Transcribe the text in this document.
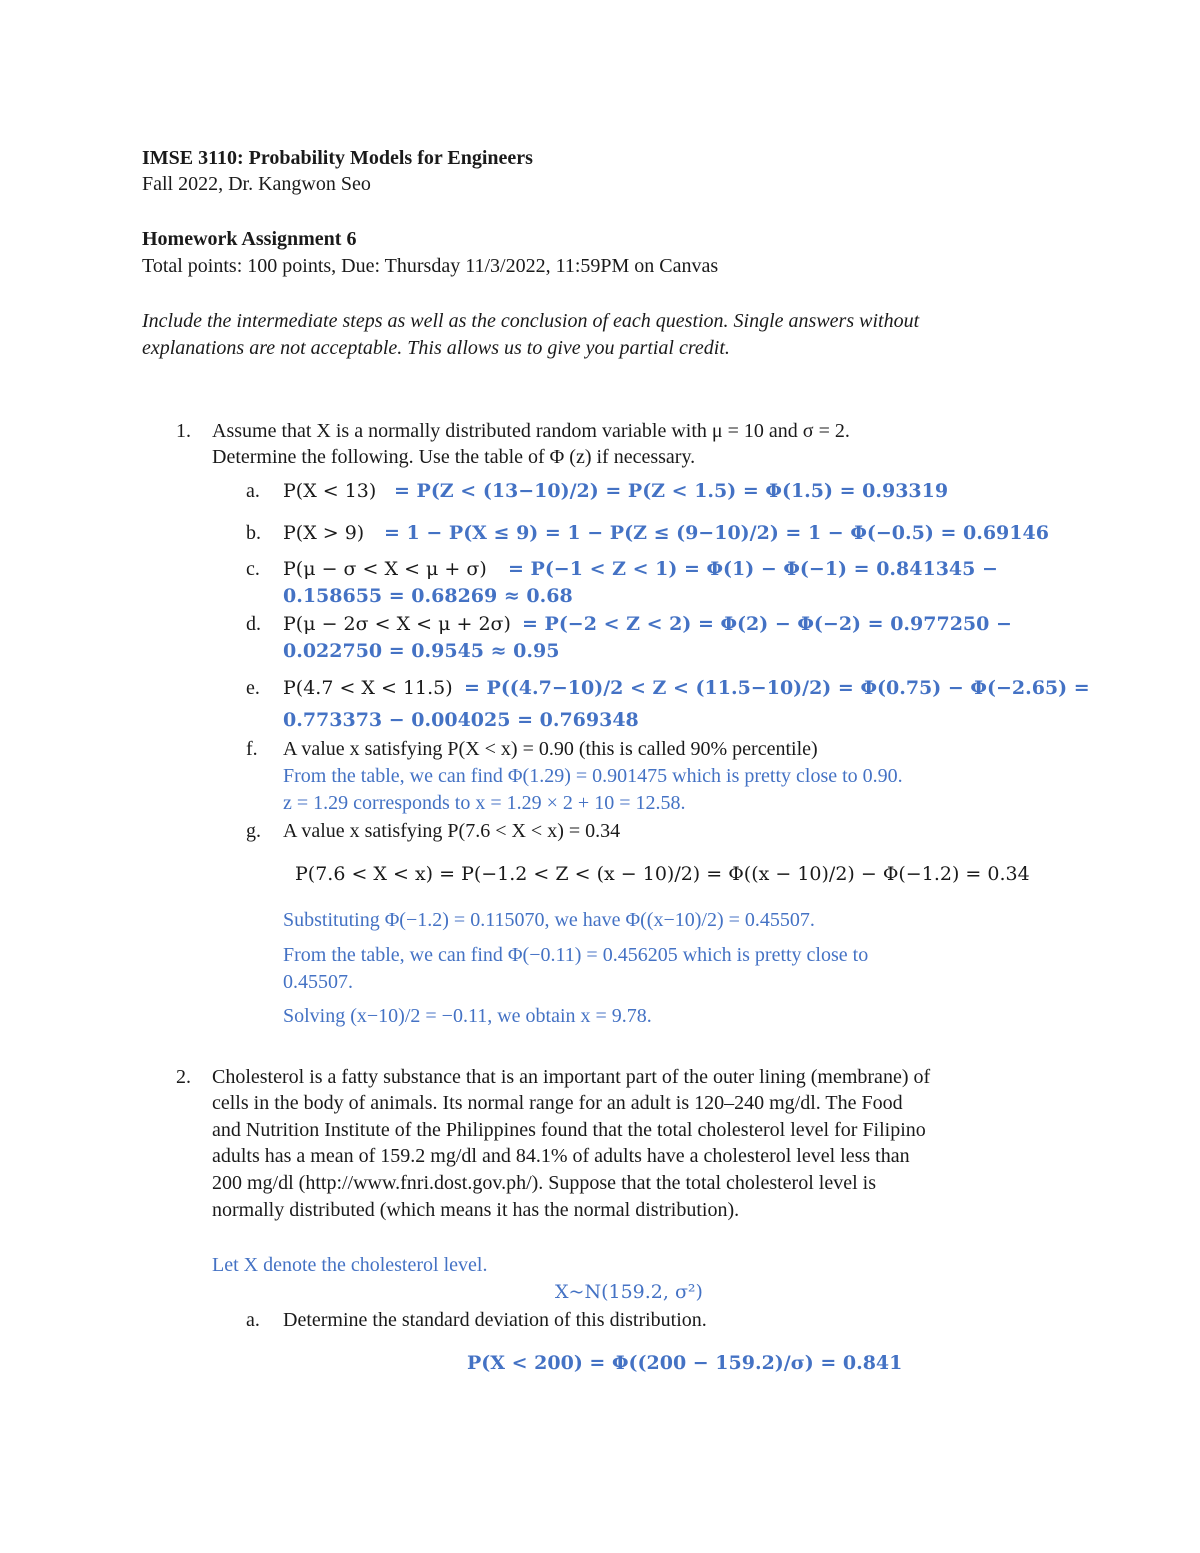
IMSE 3110: Probability Models for Engineers
Fall 2022, Dr. Kangwon Seo
Homework Assignment 6
Total points: 100 points, Due: Thursday 11/3/2022, 11:59PM on Canvas
Include the intermediate steps as well as the conclusion of each question. Single answers without
explanations are not acceptable. This allows us to give you partial credit.
1. Assume that X is a normally distributed random variable with μ = 10 and σ = 2.
Determine the following. Use the table of Φ (z) if necessary.
a. P(X < 13) = P(Z < (13−10)/2) = P(Z < 1.5) = Φ(1.5) = 0.93319
b. P(X > 9) = 1 − P(X ≤ 9) = 1 − P(Z ≤ (9−10)/2) = 1 − Φ(−0.5) = 0.69146
c. P(μ − σ < X < μ + σ) = P(−1 < Z < 1) = Φ(1) − Φ(−1) = 0.841345 −
0.158655 = 0.68269 ≈ 0.68
d. P(μ − 2σ < X < μ + 2σ) = P(−2 < Z < 2) = Φ(2) − Φ(−2) = 0.977250 −
0.022750 = 0.9545 ≈ 0.95
e. P(4.7 < X < 11.5) = P((4.7−10)/2 < Z < (11.5−10)/2) = Φ(0.75) − Φ(−2.65) =
0.773373 − 0.004025 = 0.769348
f. A value x satisfying P(X < x) = 0.90 (this is called 90% percentile)
From the table, we can find Φ(1.29) = 0.901475 which is pretty close to 0.90.
z = 1.29 corresponds to x = 1.29 × 2 + 10 = 12.58.
g. A value x satisfying P(7.6 < X < x) = 0.34
P(7.6 < X < x) = P(−1.2 < Z < (x − 10)/2) = Φ((x − 10)/2) − Φ(−1.2) = 0.34
Substituting Φ(−1.2) = 0.115070, we have Φ((x−10)/2) = 0.45507.
From the table, we can find Φ(−0.11) = 0.456205 which is pretty close to
0.45507.
Solving (x−10)/2 = −0.11, we obtain x = 9.78.
2. Cholesterol is a fatty substance that is an important part of the outer lining (membrane) of
cells in the body of animals. Its normal range for an adult is 120–240 mg/dl. The Food
and Nutrition Institute of the Philippines found that the total cholesterol level for Filipino
adults has a mean of 159.2 mg/dl and 84.1% of adults have a cholesterol level less than
200 mg/dl (http://www.fnri.dost.gov.ph/). Suppose that the total cholesterol level is
normally distributed (which means it has the normal distribution).
Let X denote the cholesterol level.
X~N(159.2, σ²)
a. Determine the standard deviation of this distribution.
P(X < 200) = Φ((200 − 159.2)/σ) = 0.841
